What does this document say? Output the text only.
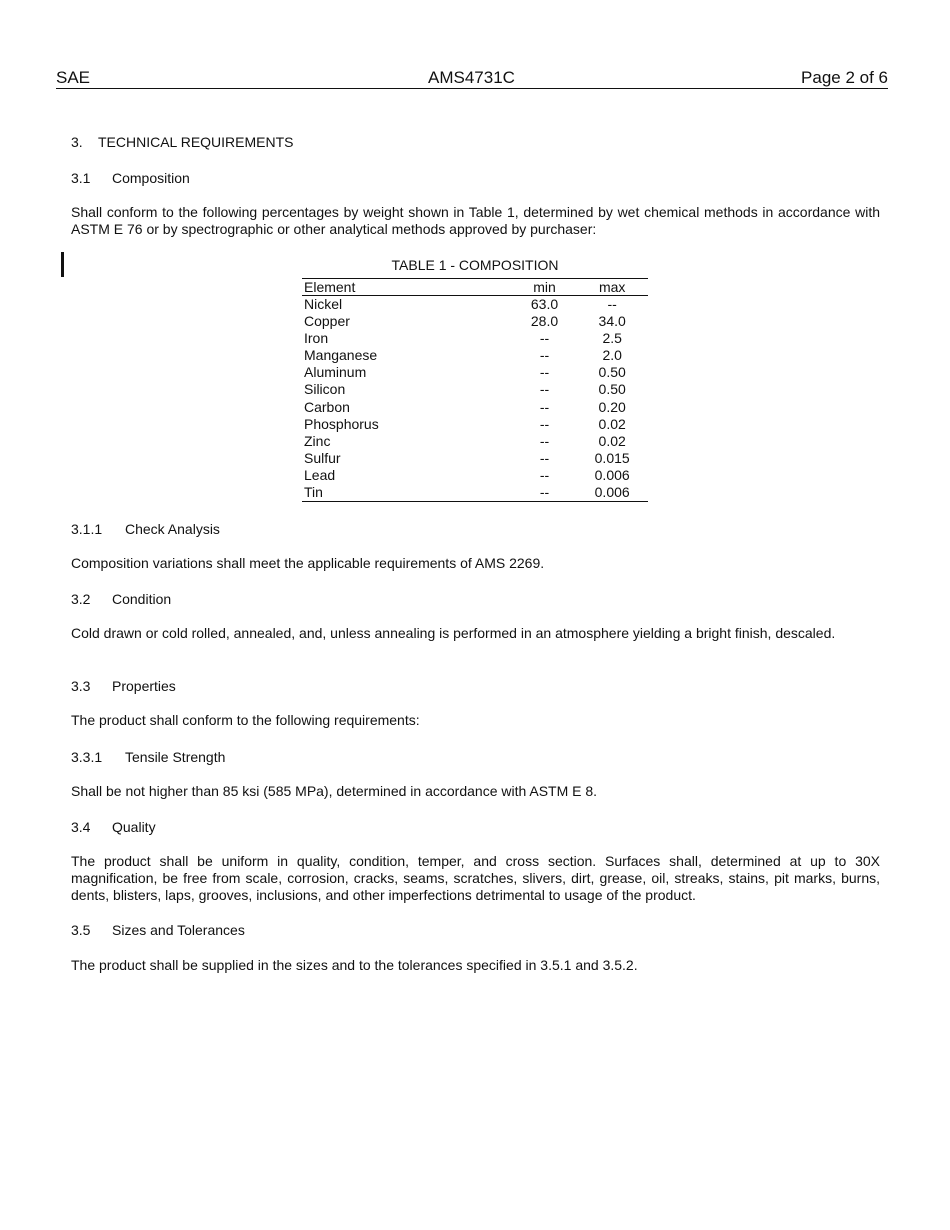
SAE	AMS4731C	Page 2 of 6
3. TECHNICAL REQUIREMENTS
3.1 Composition
Shall conform to the following percentages by weight shown in Table 1, determined by wet chemical methods in accordance with ASTM E 76 or by spectrographic or other analytical methods approved by purchaser:
TABLE 1 - COMPOSITION
Element	min	max
Nickel	63.0	--
Copper	28.0	34.0
Iron	--	2.5
Manganese	--	2.0
Aluminum	--	0.50
Silicon	--	0.50
Carbon	--	0.20
Phosphorus	--	0.02
Zinc	--	0.02
Sulfur	--	0.015
Lead	--	0.006
Tin	--	0.006
3.1.1 Check Analysis
Composition variations shall meet the applicable requirements of AMS 2269.
3.2 Condition
Cold drawn or cold rolled, annealed, and, unless annealing is performed in an atmosphere yielding a bright finish, descaled.
3.3 Properties
The product shall conform to the following requirements:
3.3.1 Tensile Strength
Shall be not higher than 85 ksi (585 MPa), determined in accordance with ASTM E 8.
3.4 Quality
The product shall be uniform in quality, condition, temper, and cross section. Surfaces shall, determined at up to 30X magnification, be free from scale, corrosion, cracks, seams, scratches, slivers, dirt, grease, oil, streaks, stains, pit marks, burns, dents, blisters, laps, grooves, inclusions, and other imperfections detrimental to usage of the product.
3.5 Sizes and Tolerances
The product shall be supplied in the sizes and to the tolerances specified in 3.5.1 and 3.5.2.
